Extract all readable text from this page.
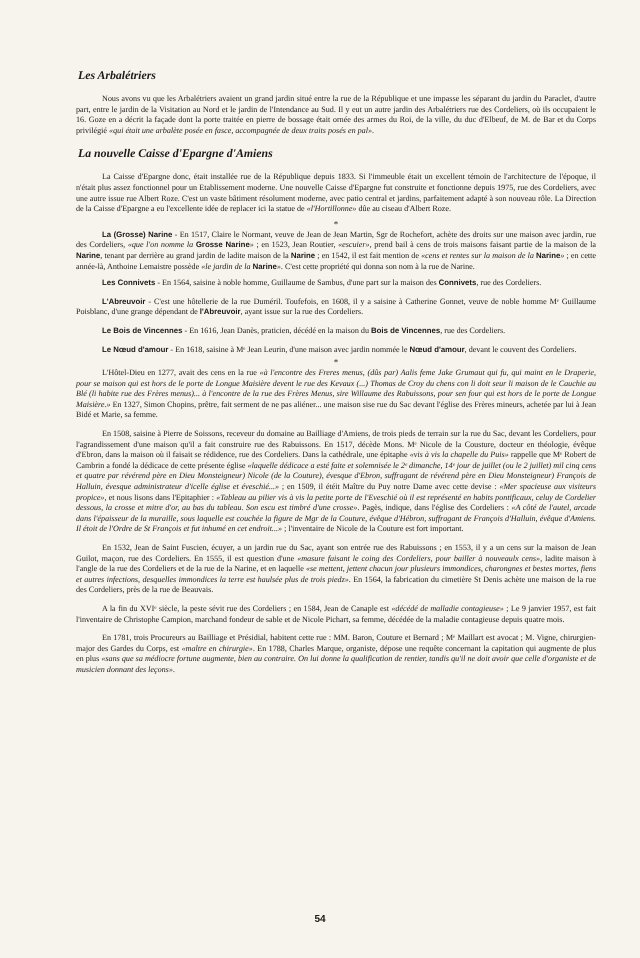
Les Arbalétriers

Nous avons vu que les Arbalétriers avaient un grand jardin situé entre la rue de la République et une impasse les séparant du jardin du Paraclet, d'autre part, entre le jardin de la Visitation au Nord et le jardin de l'Intendance au Sud. Il y eut un autre jardin des Arbalétriers rue des Cordeliers, où ils occupaient le 16. Goze en a décrit la façade dont la porte traitée en pierre de bossage était ornée des armes du Roi, de la ville, du duc d'Elbeuf, de M. de Bar et du Corps privilégié «qui était une arbalète posée en fasce, accompagnée de deux traits posés en pal».

La nouvelle Caisse d'Epargne d'Amiens

La Caisse d'Epargne donc, était installée rue de la République depuis 1833. Si l'immeuble était un excellent témoin de l'architecture de l'époque, il n'était plus assez fonctionnel pour un Etablissement moderne. Une nouvelle Caisse d'Epargne fut construite et fonctionne depuis 1975, rue des Cordeliers, avec une autre issue rue Albert Roze. C'est un vaste bâtiment résolument moderne, avec patio central et jardins, parfaitement adapté à son nouveau rôle. La Direction de la Caisse d'Epargne a eu l'excellente idée de replacer ici la statue de «l'Hortillonne» dûe au ciseau d'Albert Roze.

*

La (Grosse) Narine - En 1517, Claire le Normant, veuve de Jean de Jean Martin, Sgr de Rochefort, achète des droits sur une maison avec jardin, rue des Cordeliers, «que l'on nomme la Grosse Narine» ; en 1523, Jean Routier, «escuier», prend bail à cens de trois maisons faisant partie de la maison de la Narine, tenant par derrière au grand jardin de ladite maison de la Narine ; en 1542, il est fait mention de «cens et rentes sur la maison de la Narine» ; en cette année-là, Anthoine Lemaistre possède «le jardin de la Narine». C'est cette propriété qui donna son nom à la rue de Narine.

Les Connivets - En 1564, saisine à noble homme, Guillaume de Sambus, d'une part sur la maison des Connivets, rue des Cordeliers.

L'Abreuvoir - C'est une hôtellerie de la rue Duméril. Toufefois, en 1608, il y a saisine à Catherine Gonnet, veuve de noble homme Mᵉ Guillaume Poisblanc, d'une grange dépendant de l'Abreuvoir, ayant issue sur la rue des Cordeliers.

Le Bois de Vincennes - En 1616, Jean Danès, praticien, décédé en la maison du Bois de Vincennes, rue des Cordeliers.

Le Nœud d'amour - En 1618, saisine à Mᵉ Jean Leurin, d'une maison avec jardin nommée le Nœud d'amour, devant le couvent des Cordeliers.

*

L'Hôtel-Dieu en 1277, avait des cens en la rue «à l'encontre des Freres menus, (dûs par) Aalis feme Jake Grumaut qui fu, qui maint en le Draperie, pour se maison qui est hors de le porte de Longue Maisière devent le rue des Kevaux (...) Thomas de Croy du chens con li doit seur li maison de le Cauchie au Blé (li habite rue des Frères menus)... à l'encontre de la rue des Frères Menus, sire Willaume des Rabuissons, pour sen four qui est hors de le porte de Longue Maisière.» En 1327, Simon Chopins, prêtre, fait serment de ne pas aliéner... une maison sise rue du Sac devant l'église des Frères mineurs, achetée par lui à Jean Bidé et Marie, sa femme.

En 1508, saisine à Pierre de Soissons, receveur du domaine au Bailliage d'Amiens, de trois pieds de terrain sur la rue du Sac, devant les Cordeliers, pour l'agrandissement d'une maison qu'il a fait construire rue des Rabuissons. En 1517, décède Mons. Mᵉ Nicole de la Cousture, docteur en théologie, évêque d'Ebron, dans la maison où il faisait se rédidence, rue des Cordeliers. Dans la cathédrale, une épitaphe «vis à vis la chapelle du Puis» rappelle que Mᵉ Robert de Cambrin a fondé la dédicace de cette présente église «laquelle dédicace a esté faite et solemnisée le 2ᵉ dimanche, 14ᵉ jour de juillet (ou le 2 juillet) mil cinq cens et quatre par révérend père en Dieu Monsteigneur) Nicole (de la Couture), évesque d'Ebron, suffragant de révérend père en Dieu Monsteigneur) François de Halluin, évesque administrateur d'icelle église et éveschié...» ; en 1509, il étéit Maître du Puy notre Dame avec cette devise : «Mer spacieuse aux visiteurs propice», et nous lisons dans l'Epitaphier : «Tableau au pilier vis à vis la petite porte de l'Eveschié où il est représenté en habits pontificaux, celuy de Cordelier dessous, la crosse et mitre d'or, au bas du tableau. Son escu est timbré d'une crosse». Pagès, indique, dans l'église des Cordeliers : «A côté de l'autel, arcade dans l'épaisseur de la muraille, sous laquelle est couchée la figure de Mgr de la Couture, évêque d'Hébron, suffragant de François d'Halluin, évêque d'Amiens. Il étoit de l'Ordre de St François et fut inhumé en cet endroit...» ; l'inventaire de Nicole de la Couture est fort important.

En 1532, Jean de Saint Fuscien, écuyer, a un jardin rue du Sac, ayant son entrée rue des Rabuissons ; en 1553, il y a un cens sur la maison de Jean Guilot, maçon, rue des Cordeliers. En 1555, il est question d'une «masure faisant le coing des Cordeliers, pour bailler à nouveaulx cens», ladite maison à l'angle de la rue des Cordeliers et de la rue de la Narine, et en laquelle «se mettent, jettent chacun jour plusieurs immondices, charongnes et bestes mortes, fiens et autres infections, desquelles immondices la terre est haulsée plus de trois piedz». En 1564, la fabrication du cimetière St Denis achète une maison de la rue des Cordeliers, près de la rue de Beauvais.

A la fin du XVIᵉ siècle, la peste sévit rue des Cordeliers ; en 1584, Jean de Canaple est «décédé de malladie contagieuse» ; Le 9 janvier 1957, est fait l'inventaire de Christophe Campion, marchand fondeur de sable et de Nicole Pichart, sa femme, décédée de la maladie contagieuse depuis quatre mois.

En 1781, trois Procureurs au Bailliage et Présidial, habitent cette rue : MM. Baron, Couture et Bernard ; Mᵉ Maillart est avocat ; M. Vigne, chirurgien-major des Gardes du Corps, est «maître en chirurgie». En 1788, Charles Marque, organiste, dépose une requête concernant la capitation qui augmente de plus en plus «sans que sa médiocre fortune augmente, bien au contraire. On lui donne la qualification de rentier, tandis qu'il ne doit avoir que celle d'organiste et de musicien donnant des leçons».

54
